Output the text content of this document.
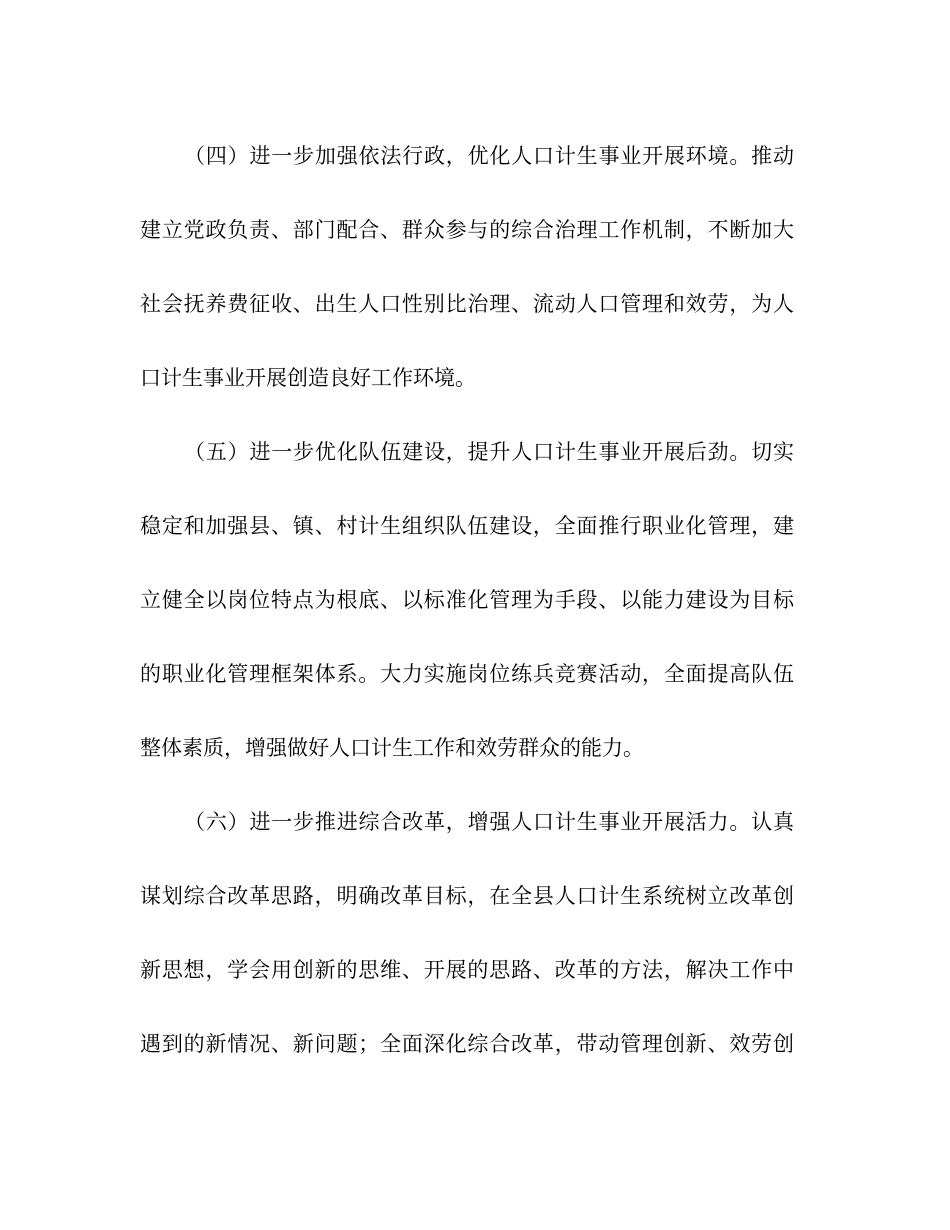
（四）进一步加强依法行政，优化人口计生事业开展环境。推动

建立党政负责、部门配合、群众参与的综合治理工作机制，不断加大

社会抚养费征收、出生人口性别比治理、流动人口管理和效劳，为人

口计生事业开展创造良好工作环境。

（五）进一步优化队伍建设，提升人口计生事业开展后劲。切实

稳定和加强县、镇、村计生组织队伍建设，全面推行职业化管理，建

立健全以岗位特点为根底、以标准化管理为手段、以能力建设为目标

的职业化管理框架体系。大力实施岗位练兵竞赛活动，全面提高队伍

整体素质，增强做好人口计生工作和效劳群众的能力。

（六）进一步推进综合改革，增强人口计生事业开展活力。认真

谋划综合改革思路，明确改革目标，在全县人口计生系统树立改革创

新思想，学会用创新的思维、开展的思路、改革的方法，解决工作中

遇到的新情况、新问题；全面深化综合改革，带动管理创新、效劳创
